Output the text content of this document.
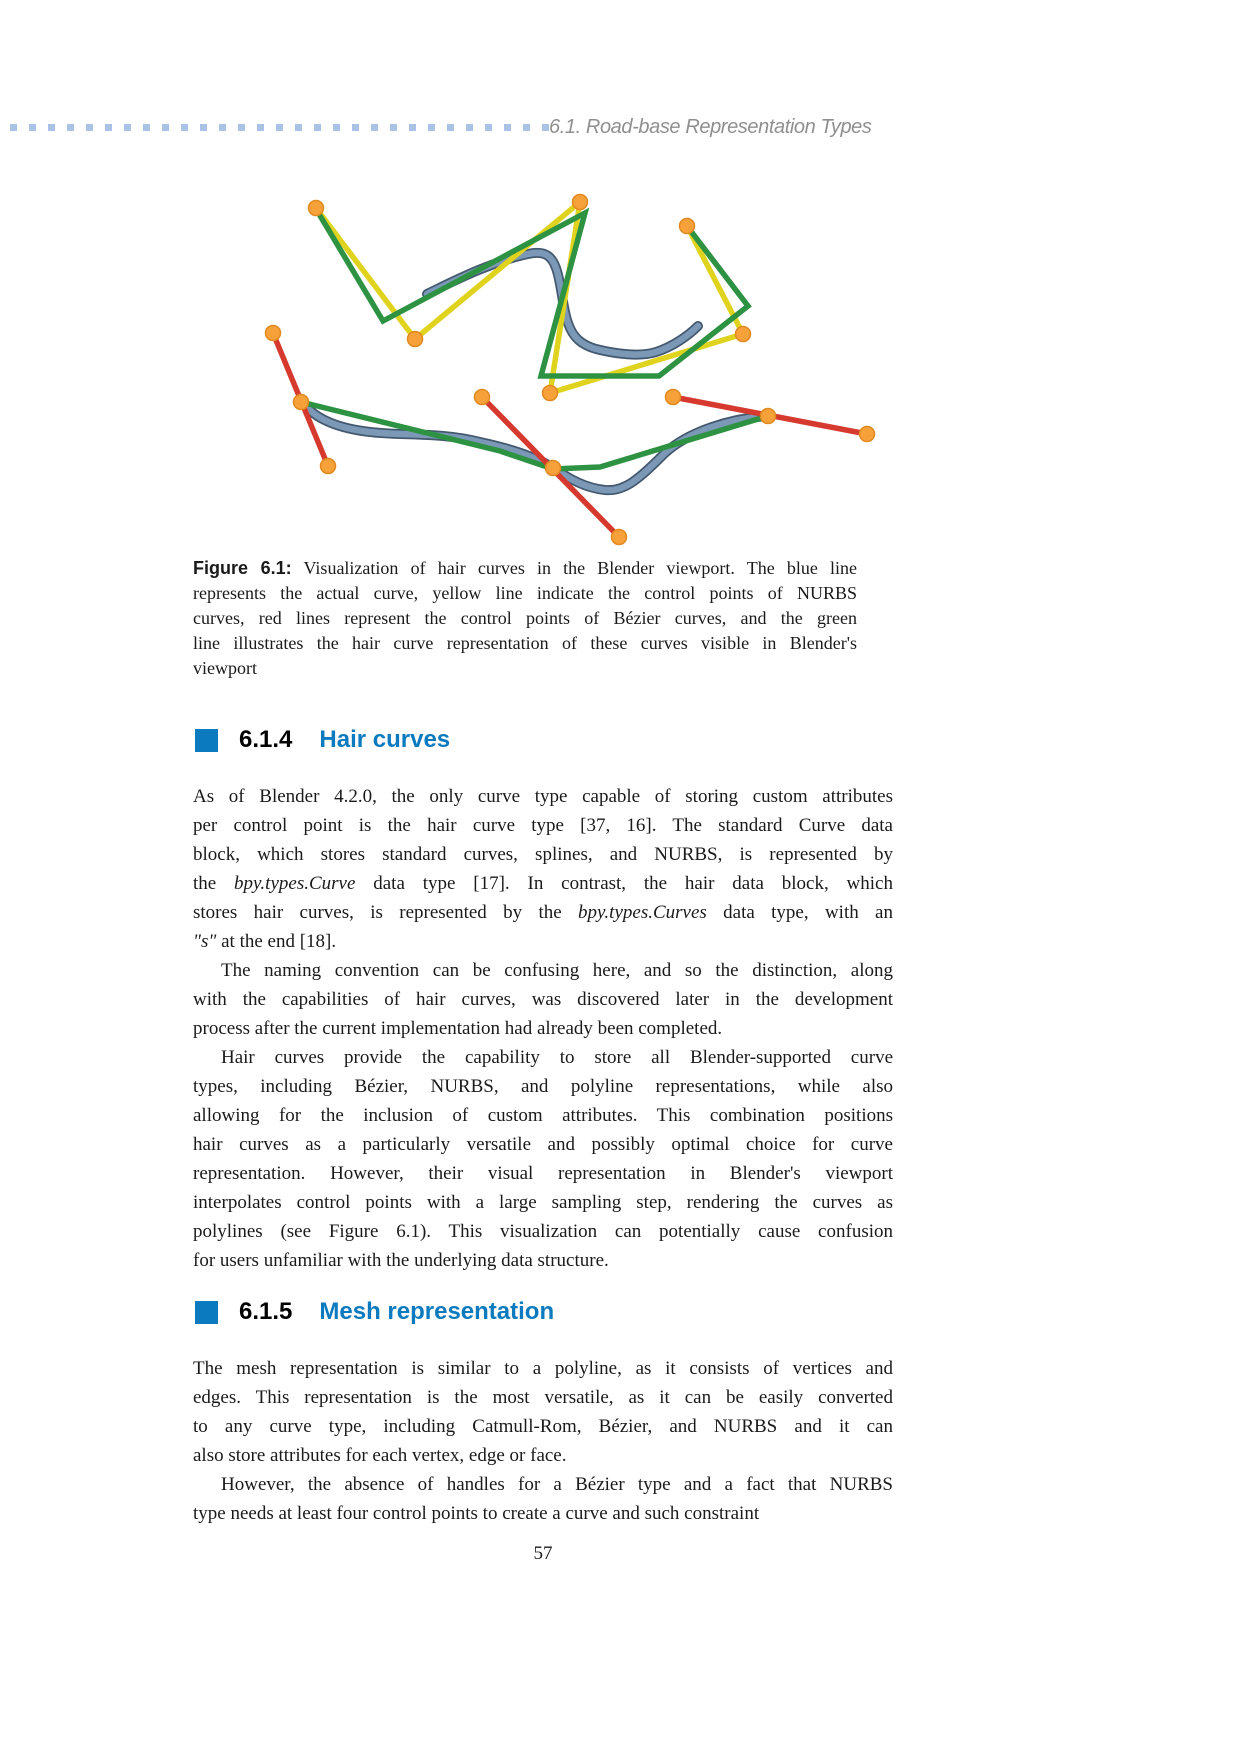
6.1. Road-base Representation Types
Figure 6.1: Visualization of hair curves in the Blender viewport. The blue line
represents the actual curve, yellow line indicate the control points of NURBS
curves, red lines represent the control points of Bézier curves, and the green
line illustrates the hair curve representation of these curves visible in Blender's
viewport
6.1.4 Hair curves
As of Blender 4.2.0, the only curve type capable of storing custom attributes
per control point is the hair curve type [37, 16]. The standard Curve data
block, which stores standard curves, splines, and NURBS, is represented by
the bpy.types.Curve data type [17]. In contrast, the hair data block, which
stores hair curves, is represented by the bpy.types.Curves data type, with an
"s" at the end [18].
The naming convention can be confusing here, and so the distinction, along
with the capabilities of hair curves, was discovered later in the development
process after the current implementation had already been completed.
Hair curves provide the capability to store all Blender-supported curve
types, including Bézier, NURBS, and polyline representations, while also
allowing for the inclusion of custom attributes. This combination positions
hair curves as a particularly versatile and possibly optimal choice for curve
representation. However, their visual representation in Blender's viewport
interpolates control points with a large sampling step, rendering the curves as
polylines (see Figure 6.1). This visualization can potentially cause confusion
for users unfamiliar with the underlying data structure.
6.1.5 Mesh representation
The mesh representation is similar to a polyline, as it consists of vertices and
edges. This representation is the most versatile, as it can be easily converted
to any curve type, including Catmull-Rom, Bézier, and NURBS and it can
also store attributes for each vertex, edge or face.
However, the absence of handles for a Bézier type and a fact that NURBS
type needs at least four control points to create a curve and such constraint
57
